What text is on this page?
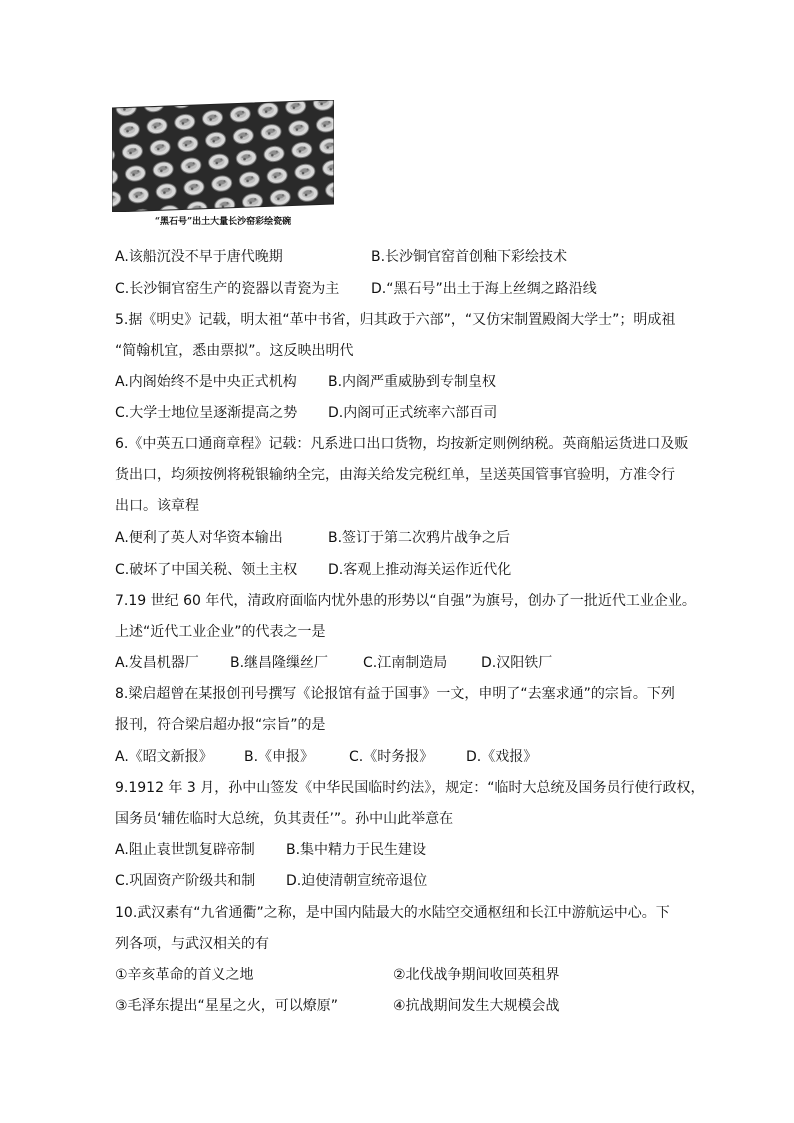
“黑石号”出土大量长沙窑彩绘瓷碗
A.该船沉没不早于唐代晚期	B.长沙铜官窑首创釉下彩绘技术
C.长沙铜官窑生产的瓷器以青瓷为主 D.“黑石号”出土于海上丝绸之路沿线
5.据《明史》记载，明太祖“革中书省，归其政于六部”，“又仿宋制置殿阁大学士”；明成祖
“简翰机宜，悉由票拟”。这反映出明代
A.内阁始终不是中央正式机构 B.内阁严重威胁到专制皇权
C.大学士地位呈逐渐提高之势 D.内阁可正式统率六部百司
6.《中英五口通商章程》记载：凡系进口出口货物，均按新定则例纳税。英商船运货进口及贩
货出口，均须按例将税银输纳全完，由海关给发完税红单，呈送英国管事官验明，方准令行
出口。该章程
A.便利了英人对华资本输出	B.签订于第二次鸦片战争之后
C.破坏了中国关税、领土主权 D.客观上推动海关运作近代化
7.19 世纪 60 年代，清政府面临内忧外患的形势以“自强”为旗号，创办了一批近代工业企业。
上述“近代工业企业”的代表之一是
A.发昌机器厂 B.继昌隆缫丝厂 C.江南制造局 D.汉阳铁厂
8.梁启超曾在某报创刊号撰写《论报馆有益于国事》一文，申明了“去塞求通”的宗旨。下列
报刊，符合梁启超办报“宗旨”的是
A.《昭文新报》 B.《申报》 C.《时务报》 D.《戏报》
9.1912 年 3 月，孙中山签发《中华民国临时约法》，规定：“临时大总统及国务员行使行政权，
国务员‘辅佐临时大总统，负其责任’”。孙中山此举意在
A.阻止袁世凯复辟帝制 B.集中精力于民生建设
C.巩固资产阶级共和制 D.迫使清朝宣统帝退位
10.武汉素有“九省通衢”之称，是中国内陆最大的水陆空交通枢纽和长江中游航运中心。下
列各项，与武汉相关的有
①辛亥革命的首义之地	②北伐战争期间收回英租界
③毛泽东提出“星星之火，可以燎原”	④抗战期间发生大规模会战
